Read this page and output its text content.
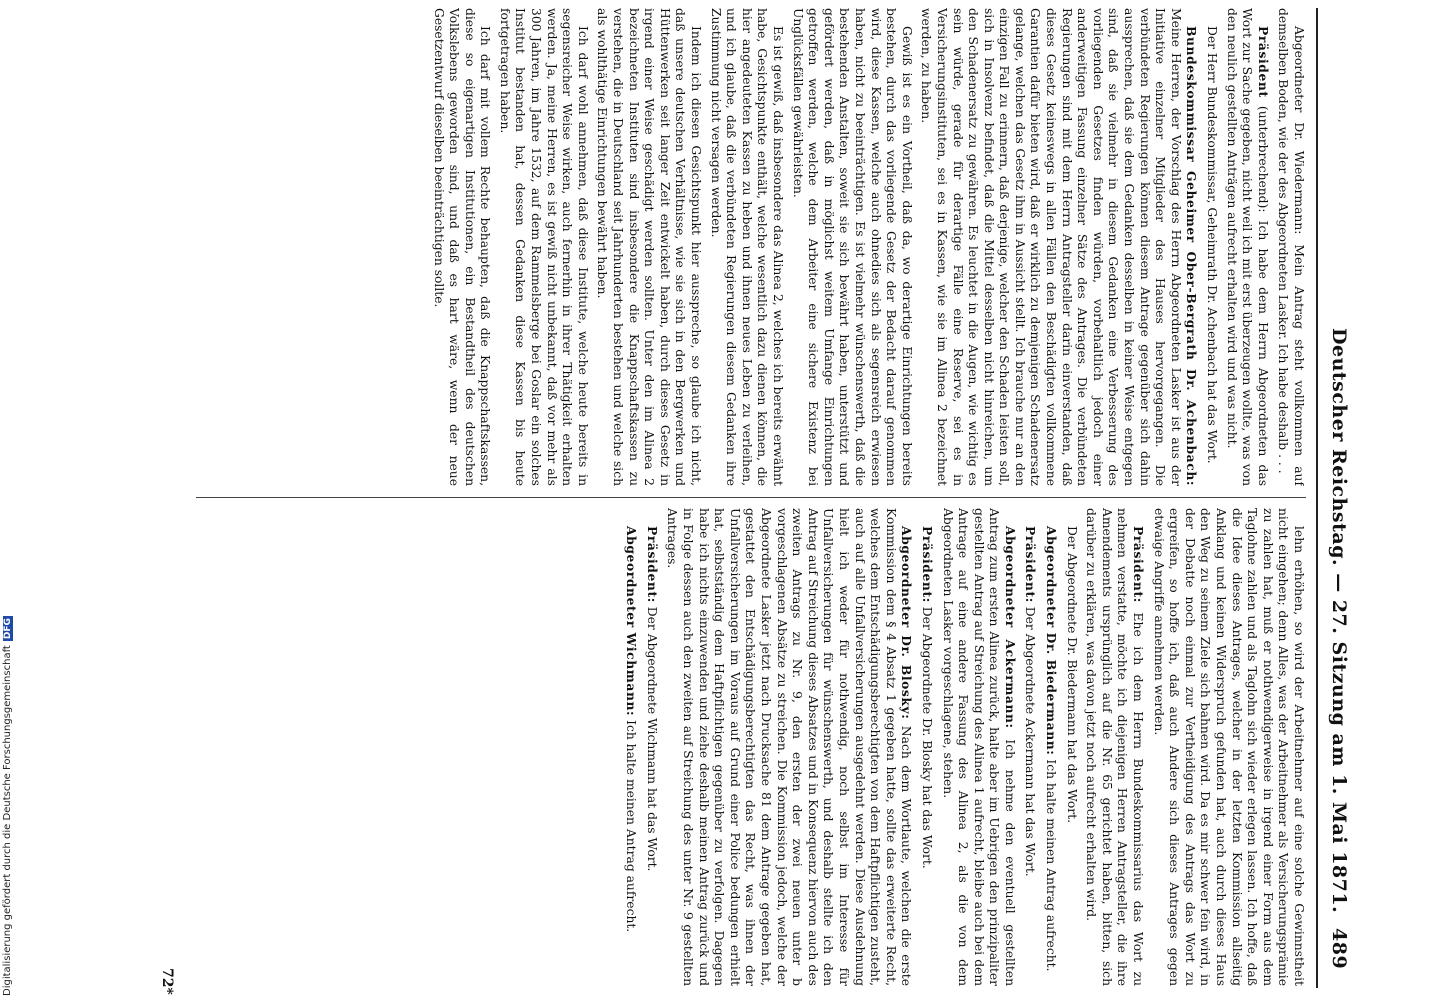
Digitalisierung gefördert durch die Deutsche ForschungsgemeinschaftDFG	Deutscher Reichstag. — 27. Sitzung am 1. Mai 1871.
489

Abgeordneter Dr. Wiedermann: Mein Antrag steht vollkommen auf demselben Boden, wie der des Abgeordneten Lasker. Ich habe deshalb . . .

Präsident (unterbrechend): Ich habe dem Herrn Abgeordneten das Wort zur Sache gegeben, nicht weil ich mit erst überzeugen wollte, was von den neulich gestellten Anträgen aufrecht erhalten wird und was nicht.

Der Herr Bundeskommissar, Geheimrath Dr. Achenbach hat das Wort.

Bundeskommissar Geheimer Ober-Bergrath Dr. Achenbach: Meine Herren, der Vorschlag des Herrn Abgeordneten Lasker ist aus der Initiative einzelner Mitglieder des Hauses hervorgegangen. Die verbündeten Regierungen können diesem Antrage gegenüber sich dahin aussprechen, daß sie dem Gedanken desselben in keiner Weise entgegen sind, daß sie vielmehr in diesem Gedanken eine Verbesserung des vorliegenden Gesetzes finden würden, vorbehaltlich jedoch einer anderweitigen Fassung einzelner Sätze des Antrages. Die verbündeten Regierungen sind mit dem Herrn Antragsteller darin einverstanden, daß dieses Gesetz keineswegs in allen Fällen den Beschädigten vollkommene Garantien dafür bieten wird, daß er wirklich zu demjenigen Schadenersatz gelange, welchen das Gesetz ihm in Aussicht stellt. Ich brauche nur an den einzigen Fall zu erinnern, daß derjenige, welcher den Schaden leisten soll, sich in Insolvenz befindet, daß die Mittel desselben nicht hinreichen, um den Schadenersatz zu gewähren. Es leuchtet in die Augen, wie wichtig es sein würde, gerade für derartige Fälle eine Reserve, sei es in Versicherungsinstituten, sei es in Kassen, wie sie im Alinea 2 bezeichnet werden, zu haben.

Gewiß ist es ein Vortheil, daß da, wo derartige Einrichtungen bereits bestehen, durch das vorliegende Gesetz der Bedacht darauf genommen wird, diese Kassen, welche auch ohnedies sich als segensreich erwiesen haben, nicht zu beeinträchtigen. Es ist vielmehr wünschenswerth, daß die bestehenden Anstalten, soweit sie sich bewährt haben, unterstützt und gefördert werden, daß in möglichst weitem Umfange Einrichtungen getroffen werden, welche dem Arbeiter eine sichere Existenz bei Unglücksfällen gewährleisten.

Es ist gewiß, daß insbesondere das Alinea 2, welches ich bereits erwähnt habe, Gesichtspunkte enthält, welche wesentlich dazu dienen können, die hier angedeuteten Kassen zu heben und ihnen neues Leben zu verleihen, und ich glaube, daß die verbündeten Regierungen diesem Gedanken ihre Zustimmung nicht versagen werden.

Indem ich diesen Gesichtspunkt hier ausspreche, so glaube ich nicht, daß unsere deutschen Verhältnisse, wie sie sich in den Bergwerken und Hüttenwerken seit langer Zeit entwickelt haben, durch dieses Gesetz in irgend einer Weise geschädigt werden sollten. Unter den im Alinea 2 bezeichneten Instituten sind insbesondere die Knappschaftskassen zu verstehen, die in Deutschland seit Jahrhunderten bestehen und welche sich als wohlthätige Einrichtungen bewährt haben.

Ich darf wohl annehmen, daß diese Institute, welche heute bereits in segensreicher Weise wirken, auch fernerhin in ihrer Thätigkeit erhalten werden. Ja, meine Herren, es ist gewiß nicht unbekannt, daß vor mehr als 300 Jahren, im Jahre 1532, auf dem Rammelsberge bei Goslar ein solches Institut bestanden hat, dessen Gedanken diese Kassen bis heute fortgetragen haben.

Ich darf mit vollem Rechte behaupten, daß die Knappschaftskassen, diese so eigenartigen Institutionen, ein Bestandtheil des deutschen Volkslebens geworden sind, und daß es hart wäre, wenn der neue Gesetzentwurf dieselben beeinträchtigen sollte.

lehn erhöhen, so wird der Arbeitnehmer auf eine solche Gewinnstheit nicht eingehen; denn Alles, was der Arbeitnehmer als Versicherungsprämie zu zahlen hat, muß er nothwendigerweise in irgend einer Form aus dem Taglohne zahlen und als Taglohn sich wieder erlegen lassen. Ich hoffe, daß die Idee dieses Antrages, welcher in der letzten Kommission allseitig Anklang und keinen Widerspruch gefunden hat, auch durch dieses Haus den Weg zu seinem Ziele sich bahnen wird. Da es mir schwer fein wird, in der Debatte noch einmal zur Vertheidigung des Antrags das Wort zu ergreifen, so hoffe ich, daß auch Andere sich dieses Antrages gegen etwaige Angriffe annehmen werden.

Präsident: Ehe ich dem Herrn Bundeskommissarius das Wort zu nehmen verstatte, möchte ich diejenigen Herren Antragsteller, die ihre Amendements ursprünglich auf die Nr. 65 gerichtet haben, bitten, sich darüber zu erklären, was davon jetzt noch aufrecht erhalten wird.

Der Abgeordnete Dr. Biedermann hat das Wort.

Abgeordneter Dr. Biedermann: Ich halte meinen Antrag aufrecht.

Präsident: Der Abgeordnete Ackermann hat das Wort.

Abgeordneter Ackermann: Ich nehme den eventuell gestellten Antrag zum ersten Alinea zurück, halte aber im Uebrigen den prinzipaliter gestellten Antrag auf Streichung des Alinea 1 aufrecht, bleibe auch bei dem Antrage auf eine andere Fassung des Alinea 2, als die von dem Abgeordneten Lasker vorgeschlagene, stehen.

Präsident: Der Abgeordnete Dr. Blosky hat das Wort.

Abgeordneter Dr. Blosky: Nach dem Wortlaute, welchen die erste Kommission dem § 4 Absatz 1 gegeben hatte, sollte das erweiterte Recht, welches dem Entschädigungsberechtigten von dem Haftpflichtigen zusteht, auch auf alle Unfallversicherungen ausgedehnt werden. Diese Ausdehnung hielt ich weder für nothwendig, noch selbst im Interesse für Unfallversicherungen für wünschenswerth, und deshalb stellte ich den Antrag auf Streichung dieses Absatzes und in Konsequenz hiervon auch des zweiten Antrags zu Nr. 9, den ersten der zwei neuen unter b vorgeschlagenen Absätze zu streichen. Die Kommission jedoch, welche der Abgeordnete Lasker jetzt nach Drucksache 81 dem Antrage gegeben hat, gestattet den Entschädigungsberechtigten das Recht, was ihnen der Unfallversicherungen im Voraus auf Grund einer Police bedungen erhielt hat, selbstständig dem Haftpflichtigen gegenüber zu verfolgen. Dagegen habe ich nichts einzuwenden und ziehe deshalb meinen Antrag zurück und in Folge dessen auch den zweiten auf Streichung des unter Nr. 9 gestellten Antrages.

Präsident: Der Abgeordnete Wichmann hat das Wort.

Abgeordneter Wichmann: Ich halte meinen Antrag aufrecht.

72*
